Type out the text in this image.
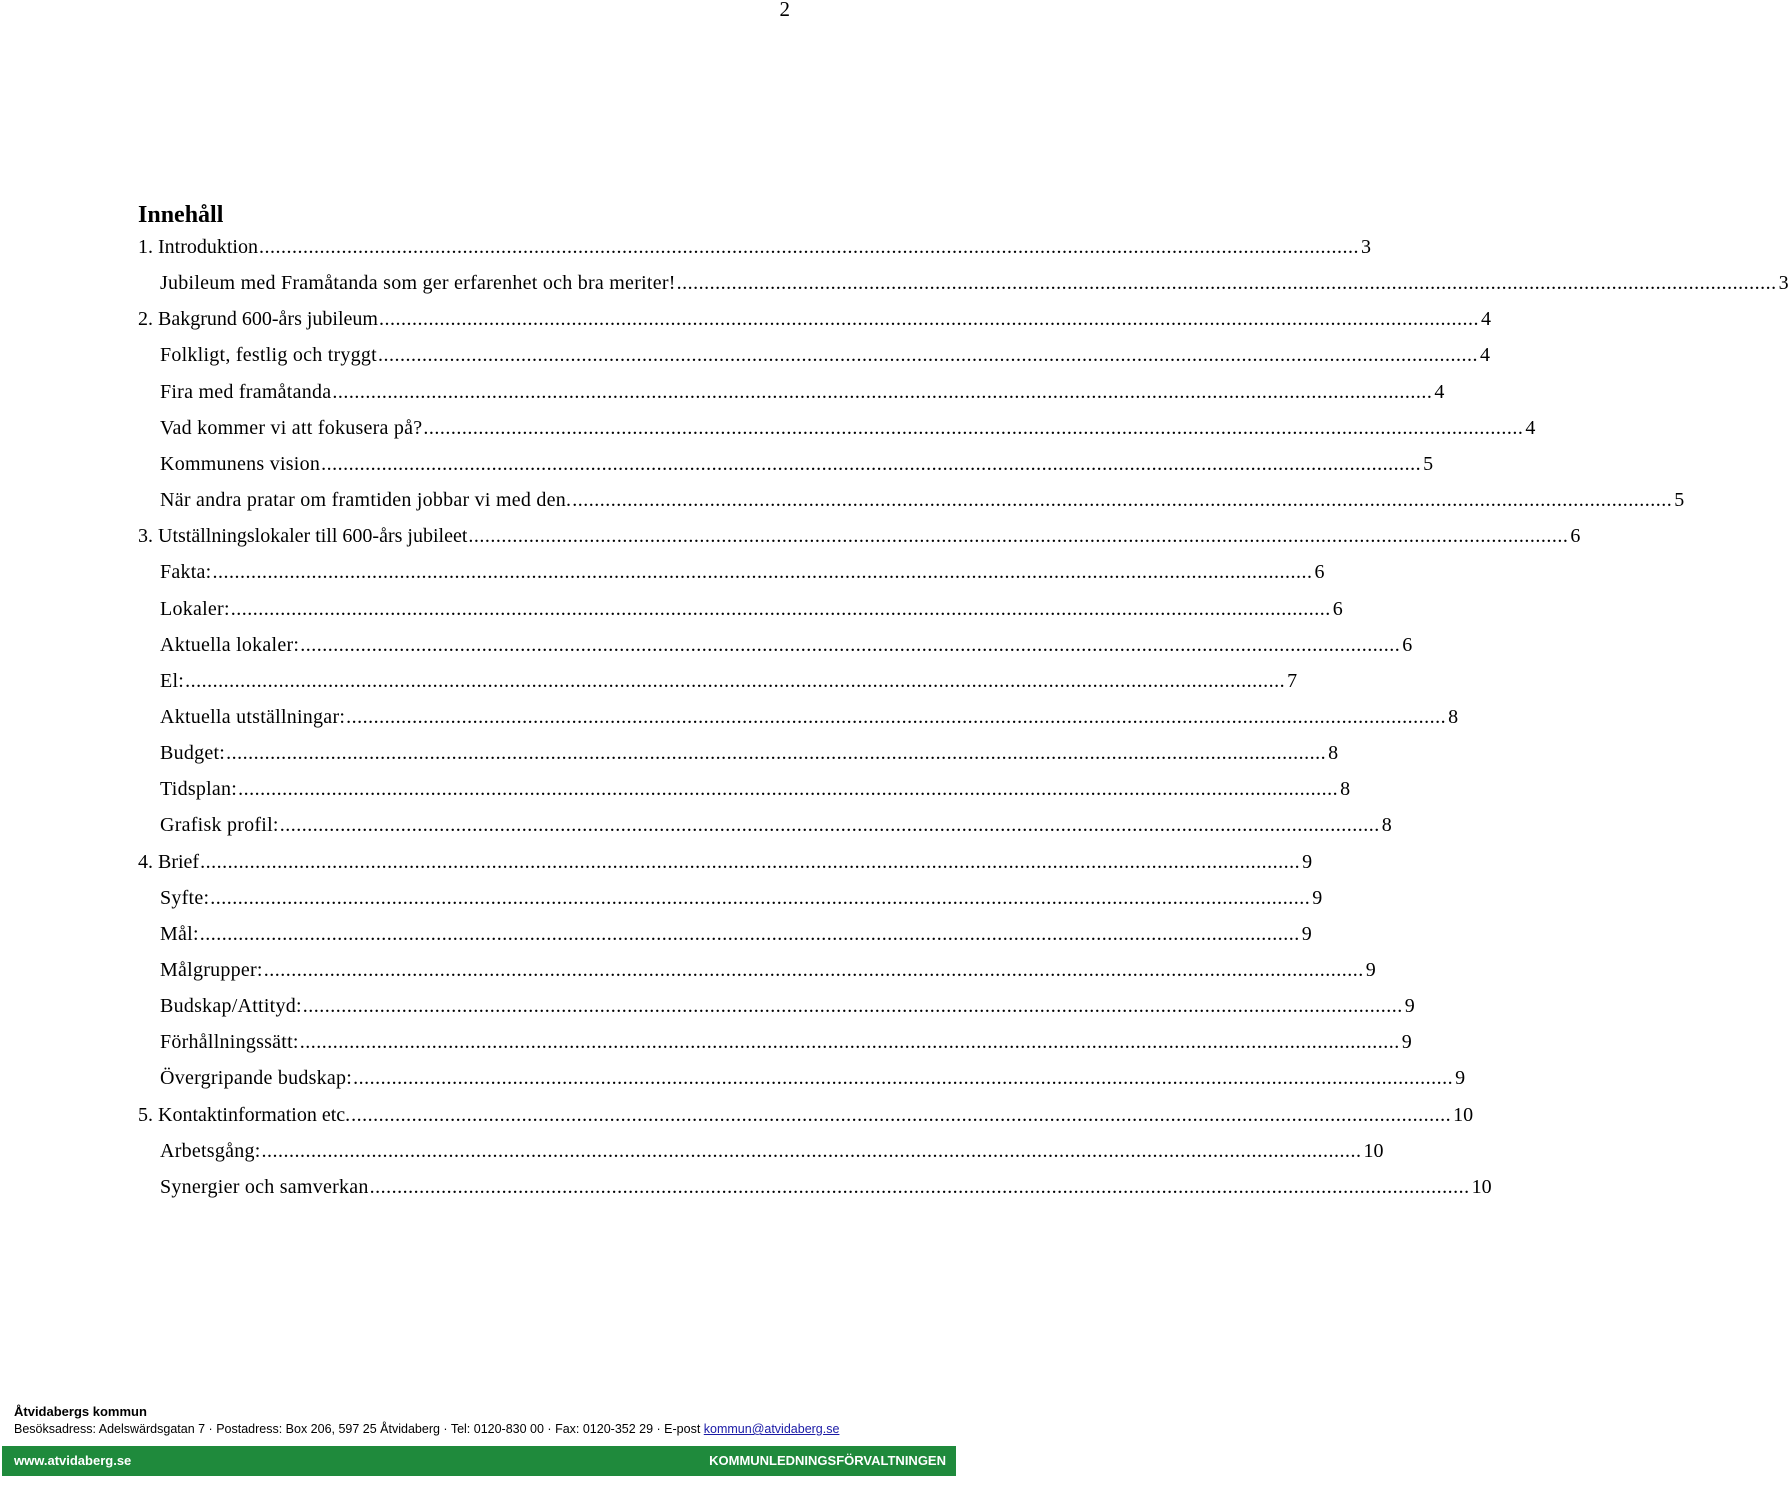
2
Innehåll
1. Introduktion ........................................................................................................................................................................................................ 3
Jubileum med Framåtanda som ger erfarenhet och bra meriter! ........................................................................................................................................................................................................ 3
2. Bakgrund 600-års jubileum ........................................................................................................................................................................................................ 4
Folkligt, festlig och tryggt ........................................................................................................................................................................................................ 4
Fira med framåtanda ........................................................................................................................................................................................................ 4
Vad kommer vi att fokusera på? ........................................................................................................................................................................................................ 4
Kommunens vision ........................................................................................................................................................................................................ 5
När andra pratar om framtiden jobbar vi med den. ........................................................................................................................................................................................................ 5
3. Utställningslokaler till 600-års jubileet ........................................................................................................................................................................................................ 6
Fakta: ........................................................................................................................................................................................................ 6
Lokaler: ........................................................................................................................................................................................................ 6
Aktuella lokaler: ........................................................................................................................................................................................................ 6
El: ........................................................................................................................................................................................................ 7
Aktuella utställningar: ........................................................................................................................................................................................................ 8
Budget: ........................................................................................................................................................................................................ 8
Tidsplan: ........................................................................................................................................................................................................ 8
Grafisk profil: ........................................................................................................................................................................................................ 8
4. Brief ........................................................................................................................................................................................................ 9
Syfte: ........................................................................................................................................................................................................ 9
Mål: ........................................................................................................................................................................................................ 9
Målgrupper: ........................................................................................................................................................................................................ 9
Budskap/Attityd: ........................................................................................................................................................................................................ 9
Förhållningssätt: ........................................................................................................................................................................................................ 9
Övergripande budskap: ........................................................................................................................................................................................................ 9
5. Kontaktinformation etc. ........................................................................................................................................................................................................ 10
Arbetsgång: ........................................................................................................................................................................................................ 10
Synergier och samverkan ........................................................................................................................................................................................................ 10
Åtvidabergs kommun
Besöksadress: Adelswärdsgatan 7 · Postadress: Box 206, 597 25 Åtvidaberg · Tel: 0120-830 00 · Fax: 0120-352 29 · E-post kommun@atvidaberg.se
www.atvidaberg.se	KOMMUNLEDNINGSFÖRVALTNINGEN
